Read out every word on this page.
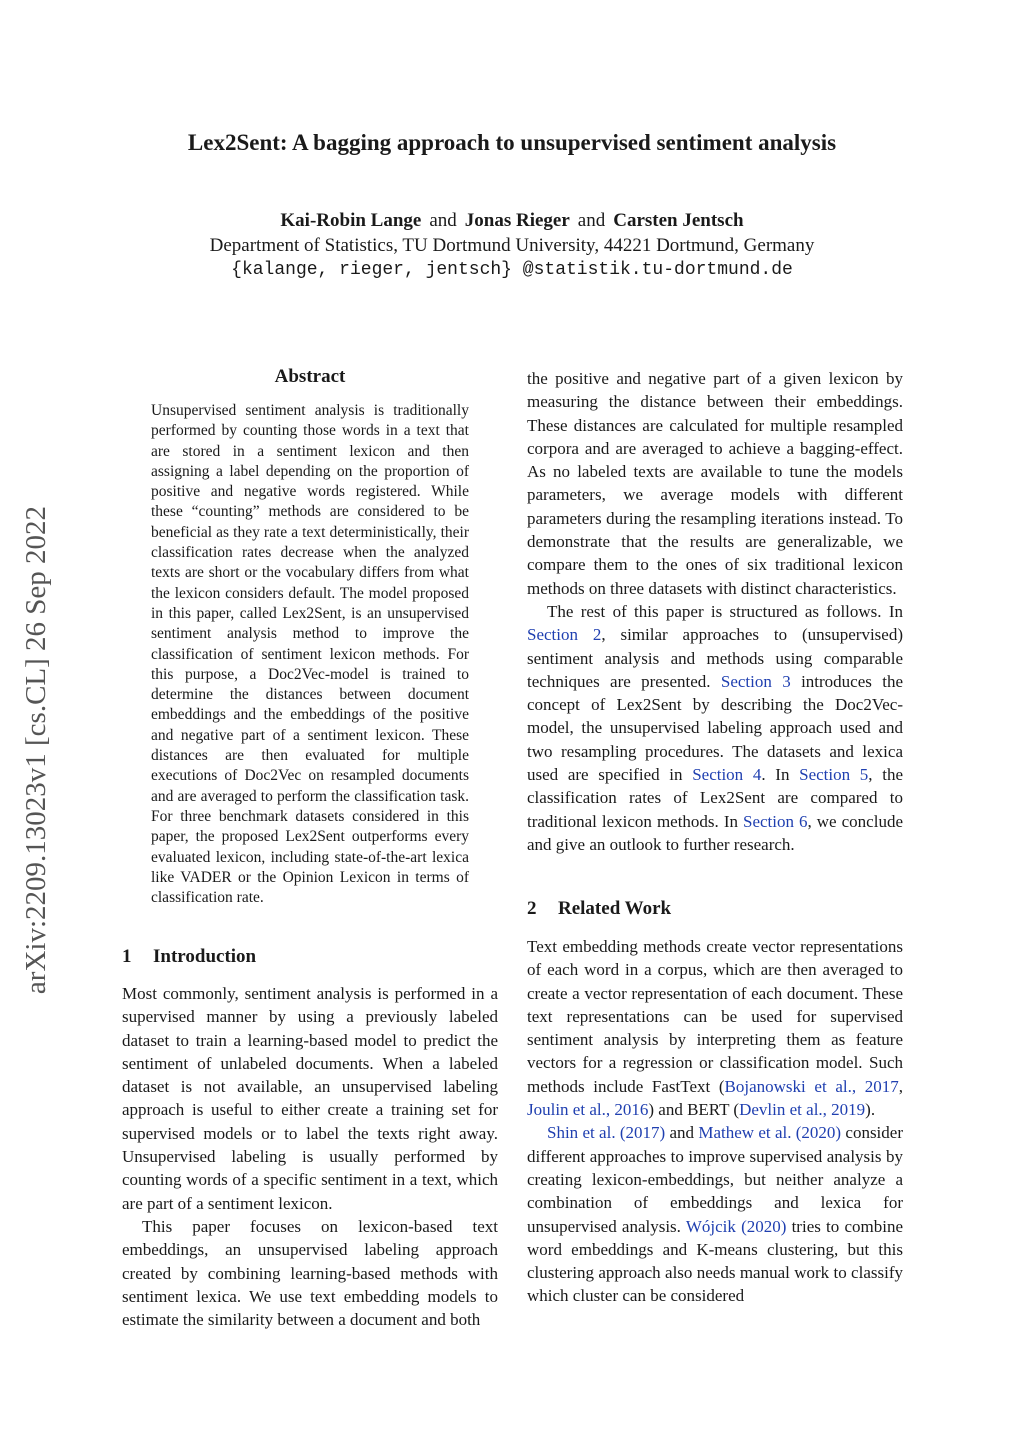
Lex2Sent: A bagging approach to unsupervised sentiment analysis
Kai-Robin Lange and Jonas Rieger and Carsten Jentsch
Department of Statistics, TU Dortmund University, 44221 Dortmund, Germany
{kalange, rieger, jentsch} @statistik.tu-dortmund.de
arXiv:2209.13023v1 [cs.CL] 26 Sep 2022
Abstract
Unsupervised sentiment analysis is traditionally performed by counting those words in a text that are stored in a sentiment lexicon and then assigning a label depending on the proportion of positive and negative words registered. While these “counting” methods are considered to be beneficial as they rate a text deterministically, their classification rates decrease when the analyzed texts are short or the vocabulary differs from what the lexicon considers default. The model proposed in this paper, called Lex2Sent, is an unsupervised sentiment analysis method to improve the classification of sentiment lexicon methods. For this purpose, a Doc2Vec-model is trained to determine the distances between document embeddings and the embeddings of the positive and negative part of a sentiment lexicon. These distances are then evaluated for multiple executions of Doc2Vec on resampled documents and are averaged to perform the classification task. For three benchmark datasets considered in this paper, the proposed Lex2Sent outperforms every evaluated lexicon, including state-of-the-art lexica like VADER or the Opinion Lexicon in terms of classification rate.
1 Introduction

Most commonly, sentiment analysis is performed in a supervised manner by using a previously labeled dataset to train a learning-based model to predict the sentiment of unlabeled documents. When a labeled dataset is not available, an unsupervised labeling approach is useful to either create a training set for supervised models or to label the texts right away. Unsupervised labeling is usually performed by counting words of a specific sentiment in a text, which are part of a sentiment lexicon.

This paper focuses on lexicon-based text embeddings, an unsupervised labeling approach created by combining learning-based methods with sentiment lexica. We use text embedding models to estimate the similarity between a document and both

the positive and negative part of a given lexicon by measuring the distance between their embeddings. These distances are calculated for multiple resampled corpora and are averaged to achieve a bagging-effect. As no labeled texts are available to tune the models parameters, we average models with different parameters during the resampling iterations instead. To demonstrate that the results are generalizable, we compare them to the ones of six traditional lexicon methods on three datasets with distinct characteristics.

The rest of this paper is structured as follows. In Section 2, similar approaches to (unsupervised) sentiment analysis and methods using comparable techniques are presented. Section 3 introduces the concept of Lex2Sent by describing the Doc2Vec-model, the unsupervised labeling approach used and two resampling procedures. The datasets and lexica used are specified in Section 4. In Section 5, the classification rates of Lex2Sent are compared to traditional lexicon methods. In Section 6, we conclude and give an outlook to further research.

2 Related Work

Text embedding methods create vector representations of each word in a corpus, which are then averaged to create a vector representation of each document. These text representations can be used for supervised sentiment analysis by interpreting them as feature vectors for a regression or classification model. Such methods include FastText (Bojanowski et al., 2017, Joulin et al., 2016) and BERT (Devlin et al., 2019).

Shin et al. (2017) and Mathew et al. (2020) consider different approaches to improve supervised analysis by creating lexicon-embeddings, but neither analyze a combination of embeddings and lexica for unsupervised analysis. Wójcik (2020) tries to combine word embeddings and K-means clustering, but this clustering approach also needs manual work to classify which cluster can be considered
